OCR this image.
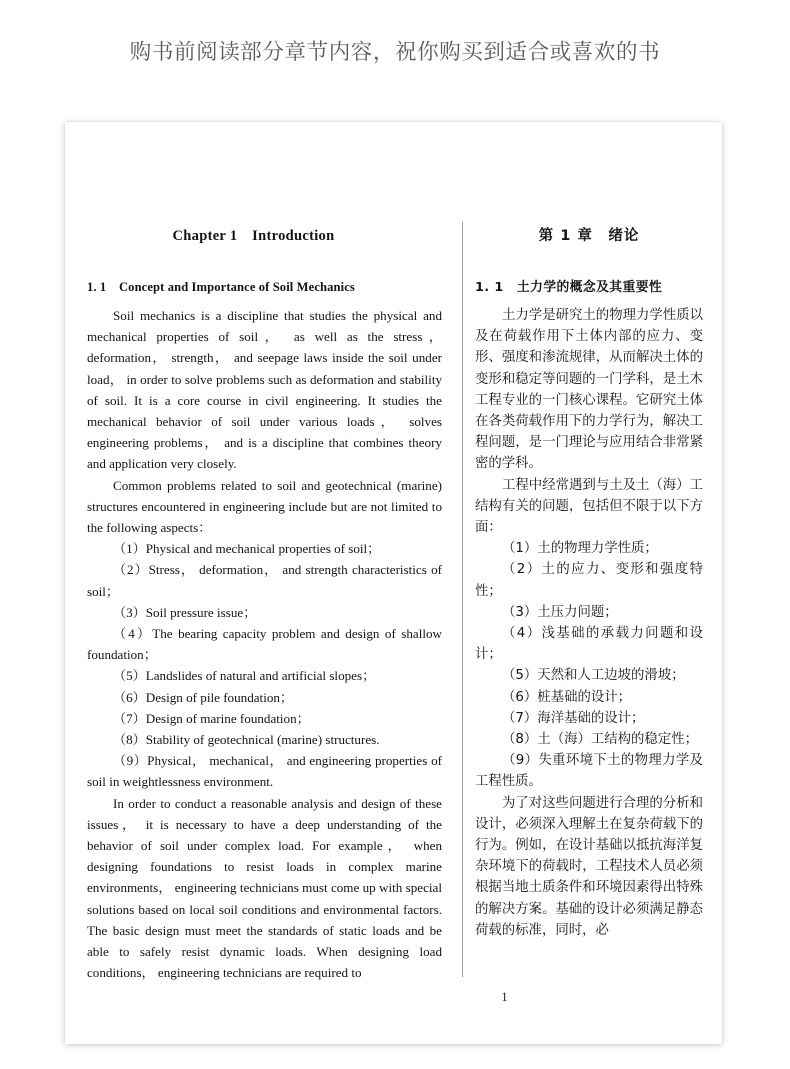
购书前阅读部分章节内容，祝你购买到适合或喜欢的书
Chapter 1　Introduction
1. 1　Concept and Importance of Soil Mechanics

Soil mechanics is a discipline that studies the physical and mechanical properties of soil， as well as the stress， deformation， strength， and seepage laws inside the soil under load， in order to solve problems such as deformation and stability of soil. It is a core course in civil engineering. It studies the mechanical behavior of soil under various loads， solves engineering problems， and is a discipline that combines theory and application very closely.

Common problems related to soil and geotechnical (marine) structures encountered in engineering include but are not limited to the following aspects：

（1）Physical and mechanical properties of soil；

（2）Stress， deformation， and strength characteristics of soil；

（3）Soil pressure issue；

（4）The bearing capacity problem and design of shallow foundation；

（5）Landslides of natural and artificial slopes；

（6）Design of pile foundation；

（7）Design of marine foundation；

（8）Stability of geotechnical (marine) structures.

（9）Physical， mechanical， and engineering properties of soil in weightlessness environment.

In order to conduct a reasonable analysis and design of these issues， it is necessary to have a deep understanding of the behavior of soil under complex load. For example， when designing foundations to resist loads in complex marine environments， engineering technicians must come up with special solutions based on local soil conditions and environmental factors. The basic design must meet the standards of static loads and be able to safely resist dynamic loads. When designing load conditions， engineering technicians are required to

第 1 章　绪论
1. 1　土力学的概念及其重要性

土力学是研究土的物理力学性质以及在荷载作用下土体内部的应力、变形、强度和渗流规律，从而解决土体的变形和稳定等问题的一门学科，是土木工程专业的一门核心课程。它研究土体在各类荷载作用下的力学行为，解决工程问题，是一门理论与应用结合非常紧密的学科。

工程中经常遇到与土及土（海）工结构有关的问题，包括但不限于以下方面：

（1）土的物理力学性质；

（2）土的应力、变形和强度特性；

（3）土压力问题；

（4）浅基础的承载力问题和设计；

（5）天然和人工边坡的滑坡；

（6）桩基础的设计；

（7）海洋基础的设计；

（8）土（海）工结构的稳定性；

（9）失重环境下土的物理力学及工程性质。

为了对这些问题进行合理的分析和设计，必须深入理解土在复杂荷载下的行为。例如，在设计基础以抵抗海洋复杂环境下的荷载时，工程技术人员必须根据当地土质条件和环境因素得出特殊的解决方案。基础的设计必须满足静态荷载的标准，同时，必

1
